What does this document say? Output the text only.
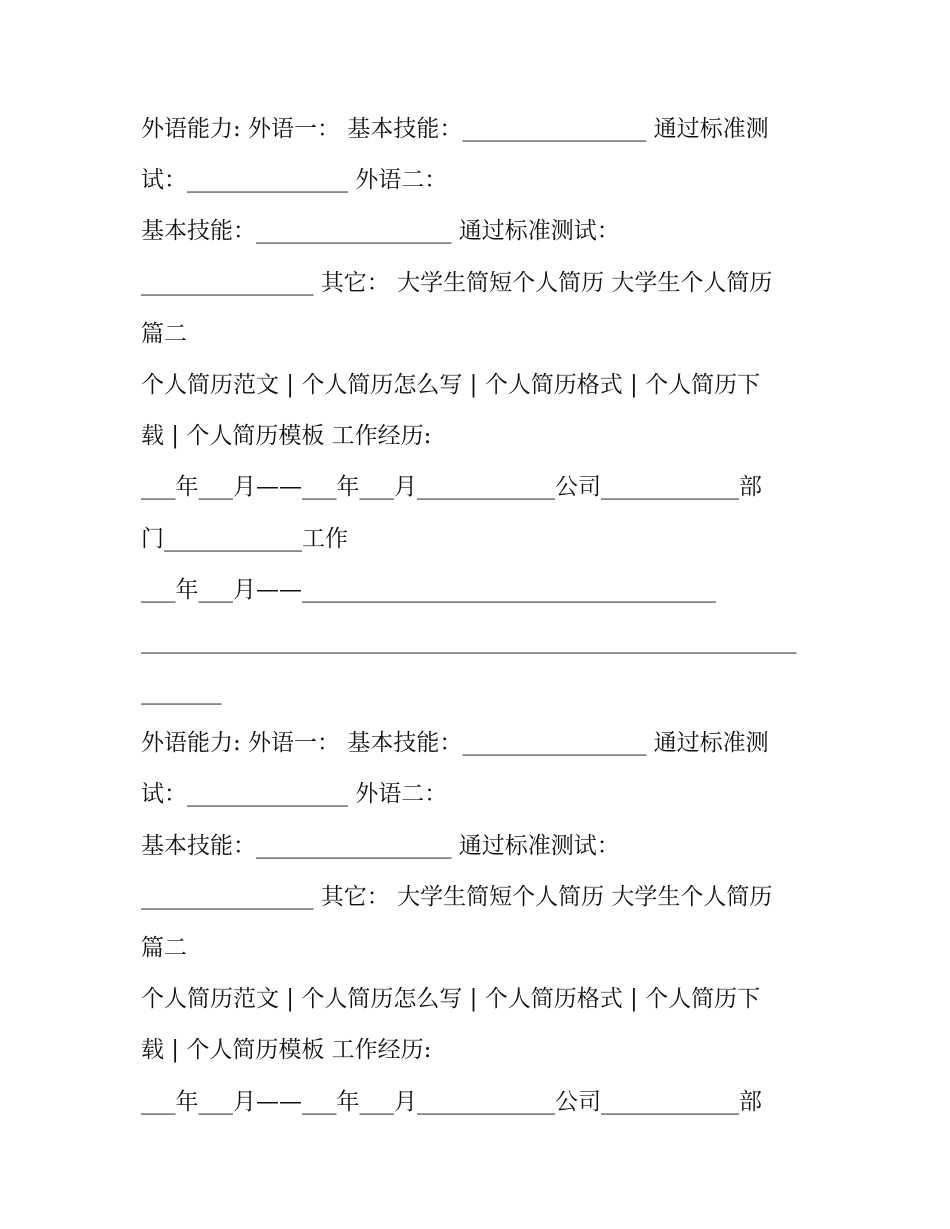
外语能力: 外语一： 基本技能：________________ 通过标准测
试：______________ 外语二：
基本技能：_________________ 通过标准测试：
_______________ 其它： 大学生简短个人简历 大学生个人简历
篇二
个人简历范文 | 个人简历怎么写 | 个人简历格式 | 个人简历下
载 | 个人简历模板 工作经历:
___年___月——___年___月____________公司____________部
门____________工作
___年___月——____________________________________
_________________________________________________________
_______
外语能力: 外语一： 基本技能：________________ 通过标准测
试：______________ 外语二：
基本技能：_________________ 通过标准测试：
_______________ 其它： 大学生简短个人简历 大学生个人简历
篇二
个人简历范文 | 个人简历怎么写 | 个人简历格式 | 个人简历下
载 | 个人简历模板 工作经历:
___年___月——___年___月____________公司____________部
